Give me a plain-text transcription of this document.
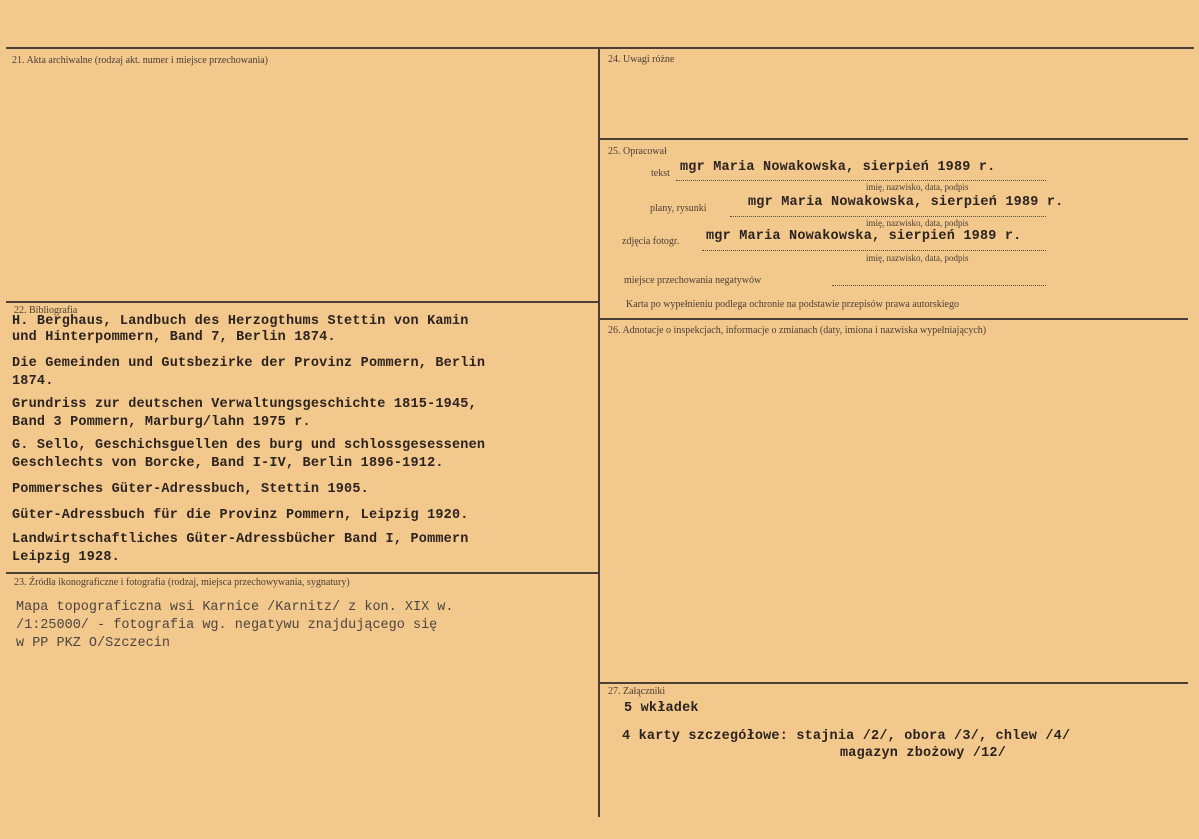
21. Akta archiwalne (rodzaj akt. numer i miejsce przechowania)
22. Bibliografia
H. Berghaus, Landbuch des Herzogthums Stettin von Kamin
und Hinterpommern, Band 7, Berlin 1874.
Die Gemeinden und Gutsbezirke der Provinz Pommern, Berlin
1874.
Grundriss zur deutschen Verwaltungsgeschichte 1815-1945,
Band 3 Pommern, Marburg/lahn 1975 r.
G. Sello, Geschichsguellen des burg und schlossgesessenen
Geschlechts von Borcke, Band I-IV, Berlin 1896-1912.
Pommersches Güter-Adressbuch, Stettin 1905.
Güter-Adressbuch für die Provinz Pommern, Leipzig 1920.
Landwirtschaftliches Güter-Adressbücher Band I, Pommern
Leipzig 1928.
23. Źródła ikonograficzne i fotografia (rodzaj, miejsca przechowywania, sygnatury)
Mapa topograficzna wsi Karnice /Karnitz/ z kon. XIX w.
/1:25000/ - fotografia wg. negatywu znajdującego się
w PP PKZ O/Szczecin
24. Uwagi różne
25. Opracował
tekst mgr Maria Nowakowska, sierpień 1989 r.
imię, nazwisko, data, podpis
plany, rysunki	mgr Maria Nowakowska, sierpień 1989 r.
imię, nazwisko, data, podpis
zdjęcia fotogr. mgr Maria Nowakowska, sierpień 1989 r.
imię, nazwisko, data, podpis
miejsce przechowania negatywów
Karta po wypełnieniu podlega ochronie na podstawie przepisów prawa autorskiego
26. Adnotacje o inspekcjach, informacje o zmianach (daty, imiona i nazwiska wypełniających)
27. Załączniki
5 wkładek
4 karty szczegółowe: stajnia /2/, obora /3/, chlew /4/
magazyn zbożowy /12/
